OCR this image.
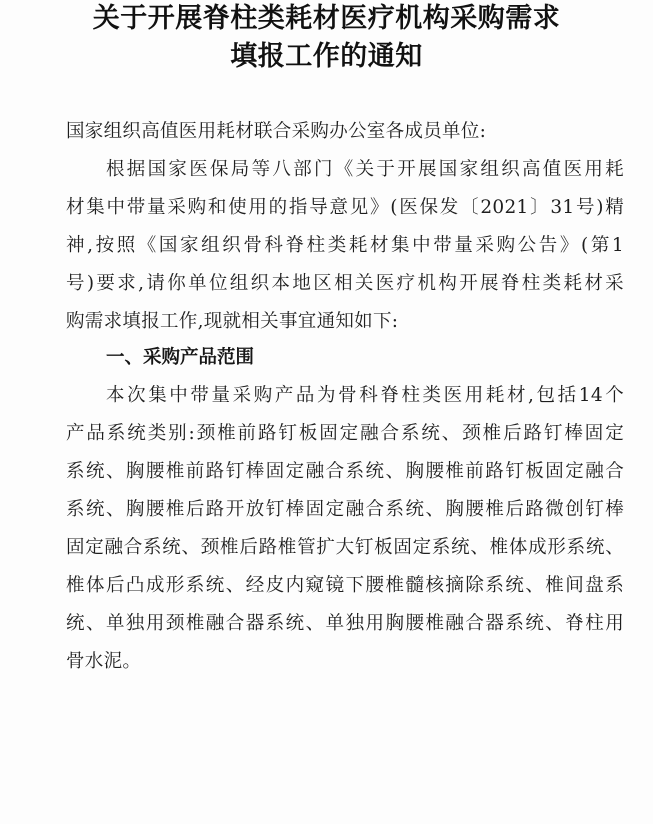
关于开展脊柱类耗材医疗机构采购需求
填报工作的通知
国家组织高值医用耗材联合采购办公室各成员单位:
根据国家医保局等八部门《关于开展国家组织高值医用耗
材集中带量采购和使用的指导意见》(医保发〔2021〕31号)精
神,按照《国家组织骨科脊柱类耗材集中带量采购公告》(第1
号)要求,请你单位组织本地区相关医疗机构开展脊柱类耗材采
购需求填报工作,现就相关事宜通知如下:
一、采购产品范围
本次集中带量采购产品为骨科脊柱类医用耗材,包括14个
产品系统类别:颈椎前路钉板固定融合系统、颈椎后路钉棒固定
系统、胸腰椎前路钉棒固定融合系统、胸腰椎前路钉板固定融合
系统、胸腰椎后路开放钉棒固定融合系统、胸腰椎后路微创钉棒
固定融合系统、颈椎后路椎管扩大钉板固定系统、椎体成形系统、
椎体后凸成形系统、经皮内窥镜下腰椎髓核摘除系统、椎间盘系
统、单独用颈椎融合器系统、单独用胸腰椎融合器系统、脊柱用
骨水泥。
